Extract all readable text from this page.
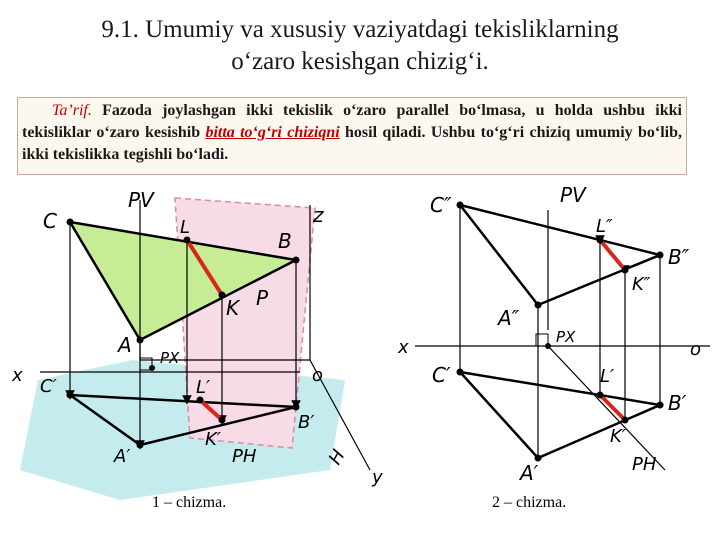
9.1. Umumiy va xususiy vaziyatdagi tekisliklarning
o‘zaro kesishgan chizig‘i.
Ta’rif. Fazoda joylashgan ikki tekislik o‘zaro parallel bo‘lmasa, u holda ushbu ikki tekisliklar o‘zaro kesishib bitta to‘g‘ri chiziqni hosil qiladi. Ushbu to‘g‘ri chiziq umumiy bo‘lib, ikki tekislikka tegishli bo‘ladi.
PV
C	L
B
z
K P
A
PX
x	o
C′	L′
B′
K′
A′	PH	H
y
C″	PV
L″
B″
K″
A″
PX
x	o
C′	L′
B′
K′
A′	PH
1 – chizma.	2 – chizma.
